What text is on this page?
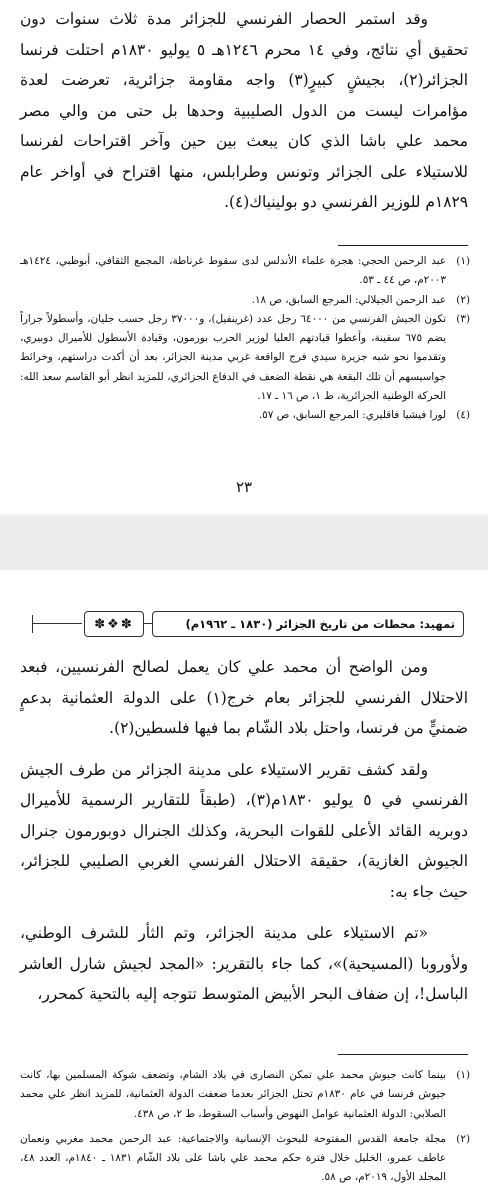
وقد استمر الحصار الفرنسي للجزائر مدة ثلاث سنوات دون تحقيق أي نتائج، وفي ١٤ محرم ١٢٤٦هـ ٥ يوليو ١٨٣٠م احتلت فرنسا الجزائر(٢)، بجيشٍ كبيرٍ(٣) واجه مقاومة جزائرية، تعرضت لعدة مؤامرات ليست من الدول الصليبية وحدها بل حتى من والي مصر محمد علي باشا الذي كان يبعث بين حين وآخر اقتراحات لفرنسا للاستيلاء على الجزائر وتونس وطرابلس، منها اقتراح في أواخر عام ١٨٢٩م للوزير الفرنسي دو بولينياك(٤).

(١)
عبد الرحمن الحجي: هجرة علماء الأندلس لدى سقوط غرناطة، المجمع الثقافي، أبوظبي، ١٤٢٤هـ ٢٠٠٣م، ص ٤٤ ـ ٥٣.
(٢)
عبد الرحمن الجيلالي: المرجع السابق، ص ١٨.
(٣)
تكون الجيش الفرنسي من ٦٤٠٠٠ رجل عدد (غرينفيل)، و٣٧٠٠٠ رجل حسب جليان، وأسطولاً جراراً يضم ٦٧٥ سفينة، وأعطوا قيادتهم العليا لوزير الحرب بورمون، وقيادة الأسطول للأميرال دوبيري، وتقدموا نحو شبه جزيرة سيدي فرج الواقعة غربي مدينة الجزائر، بعد أن أكدت دراستهم، وخرائط جواسيسهم أن تلك البقعة هي نقطة الضعف في الدفاع الجزائري، للمزيد انظر أبو القاسم سعد الله: الحركة الوطنية الجزائرية، ط ١، ص ١٦ ـ ١٧.
(٤)
لورا فيشيا فاقليري: المرجع السابق، ص ٥٧.
٢٣
✽❖✽	تمهيد: محطات من تاريخ الجزائر (١٨٣٠ ـ ١٩٦٢م)

ومن الواضح أن محمد علي كان يعمل لصالح الفرنسيين، فبعد الاحتلال الفرنسي للجزائر بعام خرج(١) على الدولة العثمانية بدعمٍ ضمنيٍّ من فرنسا، واحتل بلاد الشّام بما فيها فلسطين(٢).

ولقد كشف تقرير الاستيلاء على مدينة الجزائر من طرف الجيش الفرنسي في ٥ يوليو ١٨٣٠م(٣)، (طبقاً للتقارير الرسمية للأميرال دوبريه القائد الأعلى للقوات البحرية، وكذلك الجنرال دوبورمون جنرال الجيوش الغازية)، حقيقة الاحتلال الفرنسي الغربي الصليبي للجزائر، حيث جاء به:

«تم الاستيلاء على مدينة الجزائر، وتم الثأر للشرف الوطني، ولأوروبا (المسيحية)»، كما جاء بالتقرير: «المجد لجيش شارل العاشر الباسل!، إن ضفاف البحر الأبيض المتوسط تتوجه إليه بالتحية كمحرر،

(١)
بينما كانت جيوش محمد علي تمكن النصارى في بلاد الشام، وتضعف شوكة المسلمين بها، كانت جيوش فرنسا في عام ١٨٣٠م تحتل الجزائر بعدما ضعفت الدولة العثمانية، للمزيد انظر علي محمد الصلابي: الدولة العثمانية عوامل النهوض وأسباب السقوط، ط ٢، ص ٤٣٨.
(٢)
مجلة جامعة القدس المفتوحة للبحوث الإنسانية والاجتماعية: عبد الرحمن محمد مغربي ونعمان عاطف عمرو، الخليل خلال فترة حكم محمد علي باشا على بلاد الشّام ١٨٣١ ـ ١٨٤٠م، العدد ٤٨، المجلد الأول، ٢٠١٩م، ص ٥٨.
